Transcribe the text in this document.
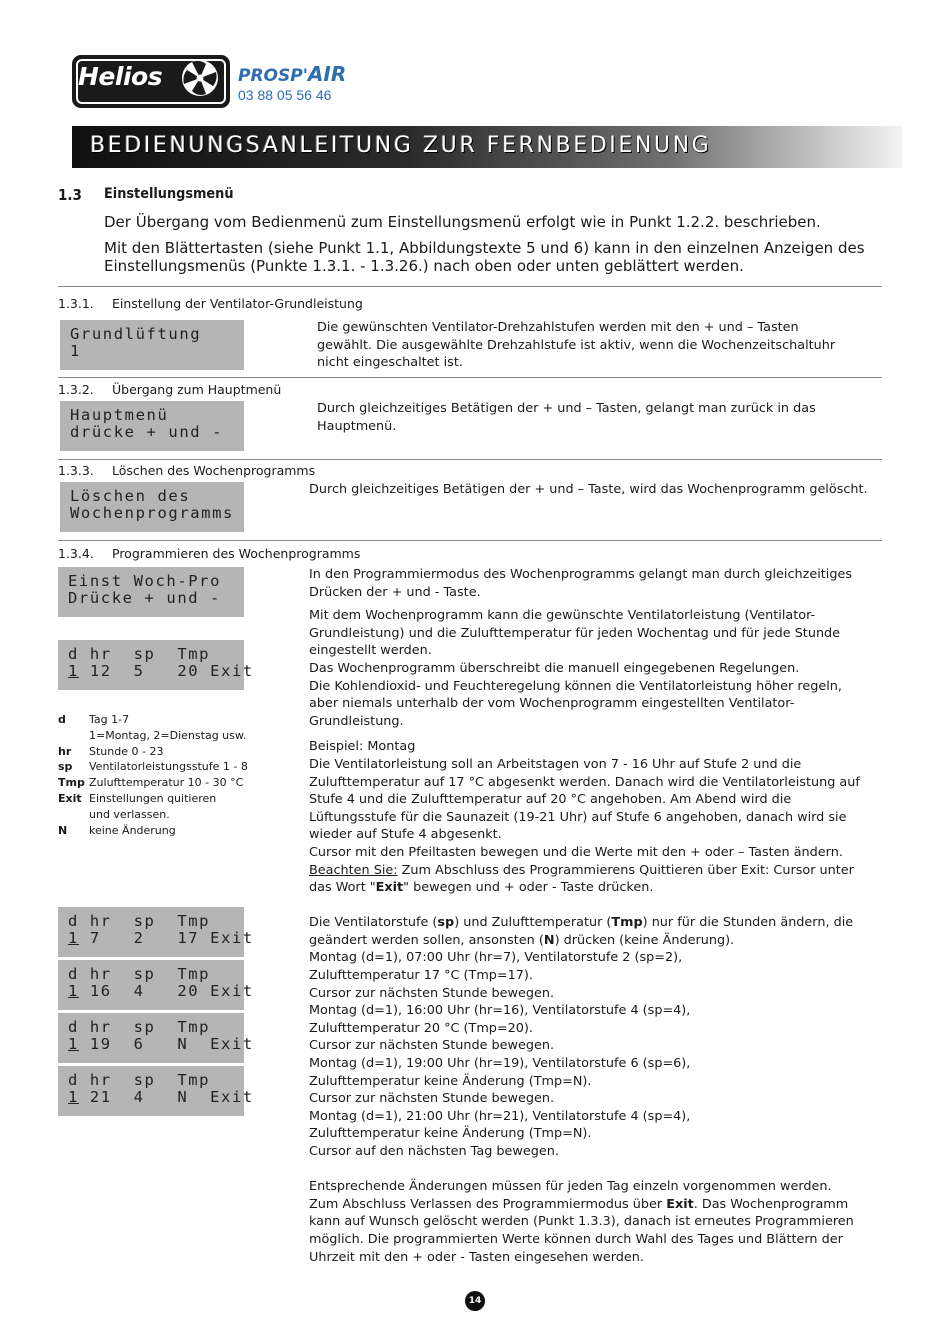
Helios	PROSP'AIR
03 88 05 56 46
BEDIENUNGSANLEITUNG ZUR FERNBEDIENUNG
1.3 Einstellungsmenü
Der Übergang vom Bedienmenü zum Einstellungsmenü erfolgt wie in Punkt 1.2.2. beschrieben.
Mit den Blättertasten (siehe Punkt 1.1, Abbildungstexte 5 und 6) kann in den einzelnen Anzeigen des Einstellungsmenüs (Punkte 1.3.1. - 1.3.26.) nach oben oder unten geblättert werden.
1.3.1. Einstellung der Ventilator-Grundleistung
Grundlüftung
1
Die gewünschten Ventilator-Drehzahlstufen werden mit den + und – Tasten gewählt. Die ausgewählte Drehzahlstufe ist aktiv, wenn die Wochenzeitschaltuhr nicht eingeschaltet ist.
1.3.2. Übergang zum Hauptmenü
Hauptmenü
drücke + und -
Durch gleichzeitiges Betätigen der + und – Tasten, gelangt man zurück in das Hauptmenü.
1.3.3. Löschen des Wochenprogramms
Löschen des
Wochenprogramms
Durch gleichzeitiges Betätigen der + und – Taste, wird das Wochenprogramm gelöscht.
1.3.4. Programmieren des Wochenprogramms
Einst Woch-Pro
Drücke + und -
d hr  sp  Tmp
1 12  5   20 Exit
d	Tag 1-7
1=Montag, 2=Dienstag usw.
hr	Stunde 0 - 23
sp	Ventilatorleistungsstufe 1 - 8
Tmp Zulufttemperatur 10 - 30 °C
Exit Einstellungen quitieren
und verlassen.
N	keine Änderung
d hr  sp  Tmp
1 7   2   17 Exit
d hr  sp  Tmp
1 16  4   20 Exit
d hr  sp  Tmp
1 19  6   N  Exit
d hr  sp  Tmp
1 21  4   N  Exit
In den Programmiermodus des Wochenprogramms gelangt man durch gleichzeitiges Drücken der + und - Taste.
Mit dem Wochenprogramm kann die gewünschte Ventilatorleistung (Ventilator-Grundleistung) und die Zulufttemperatur für jeden Wochentag und für jede Stunde eingestellt werden.
Das Wochenprogramm überschreibt die manuell eingegebenen Regelungen.
Die Kohlendioxid- und Feuchteregelung können die Ventilatorleistung höher regeln, aber niemals unterhalb der vom Wochenprogramm eingestellten Ventilator-Grundleistung.
Beispiel: Montag
Die Ventilatorleistung soll an Arbeitstagen von 7 - 16 Uhr auf Stufe 2 und die Zulufttemperatur auf 17 °C abgesenkt werden. Danach wird die Ventilatorleistung auf Stufe 4 und die Zulufttemperatur auf 20 °C angehoben. Am Abend wird die Lüftungsstufe für die Saunazeit (19-21 Uhr) auf Stufe 6 angehoben, danach wird sie wieder auf Stufe 4 abgesenkt.
Cursor mit den Pfeiltasten bewegen und die Werte mit den + oder – Tasten ändern.
Beachten Sie: Zum Abschluss des Programmierens Quittieren über Exit: Cursor unter das Wort "Exit" bewegen und + oder - Taste drücken.
Die Ventilatorstufe (sp) und Zulufttemperatur (Tmp) nur für die Stunden ändern, die geändert werden sollen, ansonsten (N) drücken (keine Änderung).
Montag (d=1), 07:00 Uhr (hr=7), Ventilatorstufe 2 (sp=2),
Zulufttemperatur 17 °C (Tmp=17).
Cursor zur nächsten Stunde bewegen.
Montag (d=1), 16:00 Uhr (hr=16), Ventilatorstufe 4 (sp=4),
Zulufttemperatur 20 °C (Tmp=20).
Cursor zur nächsten Stunde bewegen.
Montag (d=1), 19:00 Uhr (hr=19), Ventilatorstufe 6 (sp=6),
Zulufttemperatur keine Änderung (Tmp=N).
Cursor zur nächsten Stunde bewegen.
Montag (d=1), 21:00 Uhr (hr=21), Ventilatorstufe 4 (sp=4),
Zulufttemperatur keine Änderung (Tmp=N).
Cursor auf den nächsten Tag bewegen.
Entsprechende Änderungen müssen für jeden Tag einzeln vorgenommen werden.
Zum Abschluss Verlassen des Programmiermodus über Exit. Das Wochenprogramm kann auf Wunsch gelöscht werden (Punkt 1.3.3), danach ist erneutes Programmieren möglich. Die programmierten Werte können durch Wahl des Tages und Blättern der Uhrzeit mit den + oder - Tasten eingesehen werden.
14
